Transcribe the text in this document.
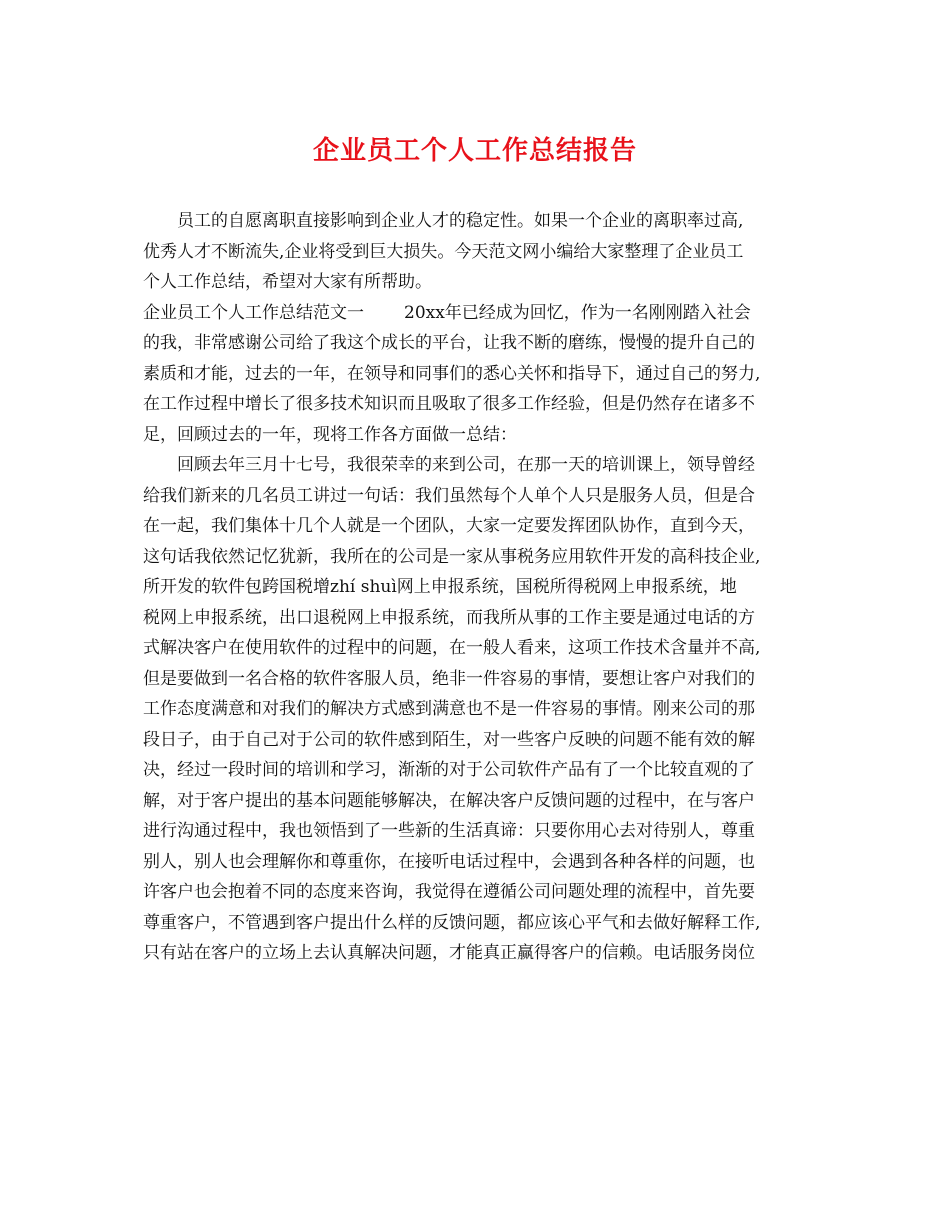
企业员工个人工作总结报告
员工的自愿离职直接影响到企业人才的稳定性。如果一个企业的离职率过高,
优秀人才不断流失,企业将受到巨大损失。今天范文网小编给大家整理了企业员工
个人工作总结，希望对大家有所帮助。
企业员工个人工作总结范文一 20xx年已经成为回忆，作为一名刚刚踏入社会
的我，非常感谢公司给了我这个成长的平台，让我不断的磨练，慢慢的提升自己的
素质和才能，过去的一年，在领导和同事们的悉心关怀和指导下，通过自己的努力,
在工作过程中增长了很多技术知识而且吸取了很多工作经验，但是仍然存在诸多不
足，回顾过去的一年，现将工作各方面做一总结：
回顾去年三月十七号，我很荣幸的来到公司，在那一天的培训课上，领导曾经
给我们新来的几名员工讲过一句话：我们虽然每个人单个人只是服务人员，但是合
在一起，我们集体十几个人就是一个团队，大家一定要发挥团队协作，直到今天，
这句话我依然记忆犹新，我所在的公司是一家从事税务应用软件开发的高科技企业,
所开发的软件包跨国税增zhí shuì网上申报系统，国税所得税网上申报系统，地
税网上申报系统，出口退税网上申报系统，而我所从事的工作主要是通过电话的方
式解决客户在使用软件的过程中的问题，在一般人看来，这项工作技术含量并不高,
但是要做到一名合格的软件客服人员，绝非一件容易的事情，要想让客户对我们的
工作态度满意和对我们的解决方式感到满意也不是一件容易的事情。刚来公司的那
段日子，由于自己对于公司的软件感到陌生，对一些客户反映的问题不能有效的解
决，经过一段时间的培训和学习，渐渐的对于公司软件产品有了一个比较直观的了
解，对于客户提出的基本问题能够解决，在解决客户反馈问题的过程中，在与客户
进行沟通过程中，我也领悟到了一些新的生活真谛：只要你用心去对待别人，尊重
别人，别人也会理解你和尊重你，在接听电话过程中，会遇到各种各样的问题，也
许客户也会抱着不同的态度来咨询，我觉得在遵循公司问题处理的流程中，首先要
尊重客户，不管遇到客户提出什么样的反馈问题，都应该心平气和去做好解释工作,
只有站在客户的立场上去认真解决问题，才能真正赢得客户的信赖。电话服务岗位
